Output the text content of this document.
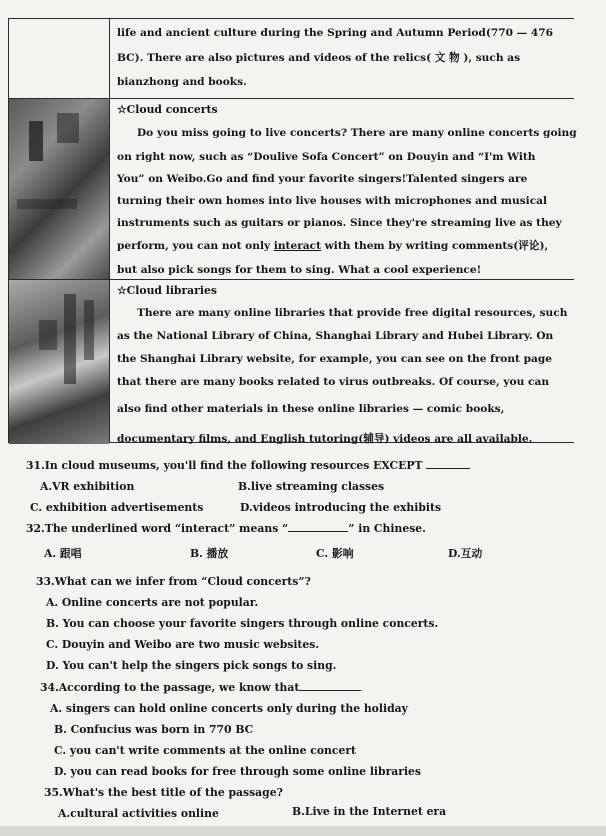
life and ancient culture during the Spring and Autumn Period(770 — 476

BC). There are also pictures and videos of the relics( 文 物 ), such as

bianzhong and books.

☆Cloud concerts

Do you miss going to live concerts? There are many online concerts going

on right now, such as “Doulive Sofa Concert” on Douyin and “I'm With

You” on Weibo.Go and find your favorite singers!Talented singers are

turning their own homes into live houses with microphones and musical

instruments such as guitars or pianos. Since they're streaming live as they

perform, you can not only interact with them by writing comments(评论),

but also pick songs for them to sing. What a cool experience!

☆Cloud libraries

There are many online libraries that provide free digital resources, such

as the National Library of China, Shanghai Library and Hubei Library. On

the Shanghai Library website, for example, you can see on the front page

that there are many books related to virus outbreaks. Of course, you can

also find other materials in these online libraries — comic books,

documentary films, and English tutoring(辅导) videos are all available.

31.In cloud museums, you'll find the following resources EXCEPT
A.VR exhibition	B.live streaming classes
C. exhibition advertisements	D.videos introducing the exhibits
32.The underlined word “interact” means “	” in Chinese.
A. 跟唱	B. 播放	C. 影响	D.互动
33.What can we infer from “Cloud concerts”?
A. Online concerts are not popular.
B. You can choose your favorite singers through online concerts.
C. Douyin and Weibo are two music websites.
D. You can't help the singers pick songs to sing.
34.According to the passage, we know that
A. singers can hold online concerts only during the holiday
B. Confucius was born in 770 BC
C. you can't write comments at the online concert
D. you can read books for free through some online libraries
35.What's the best title of the passage?
A.cultural activities online	B.Live in the Internet era
